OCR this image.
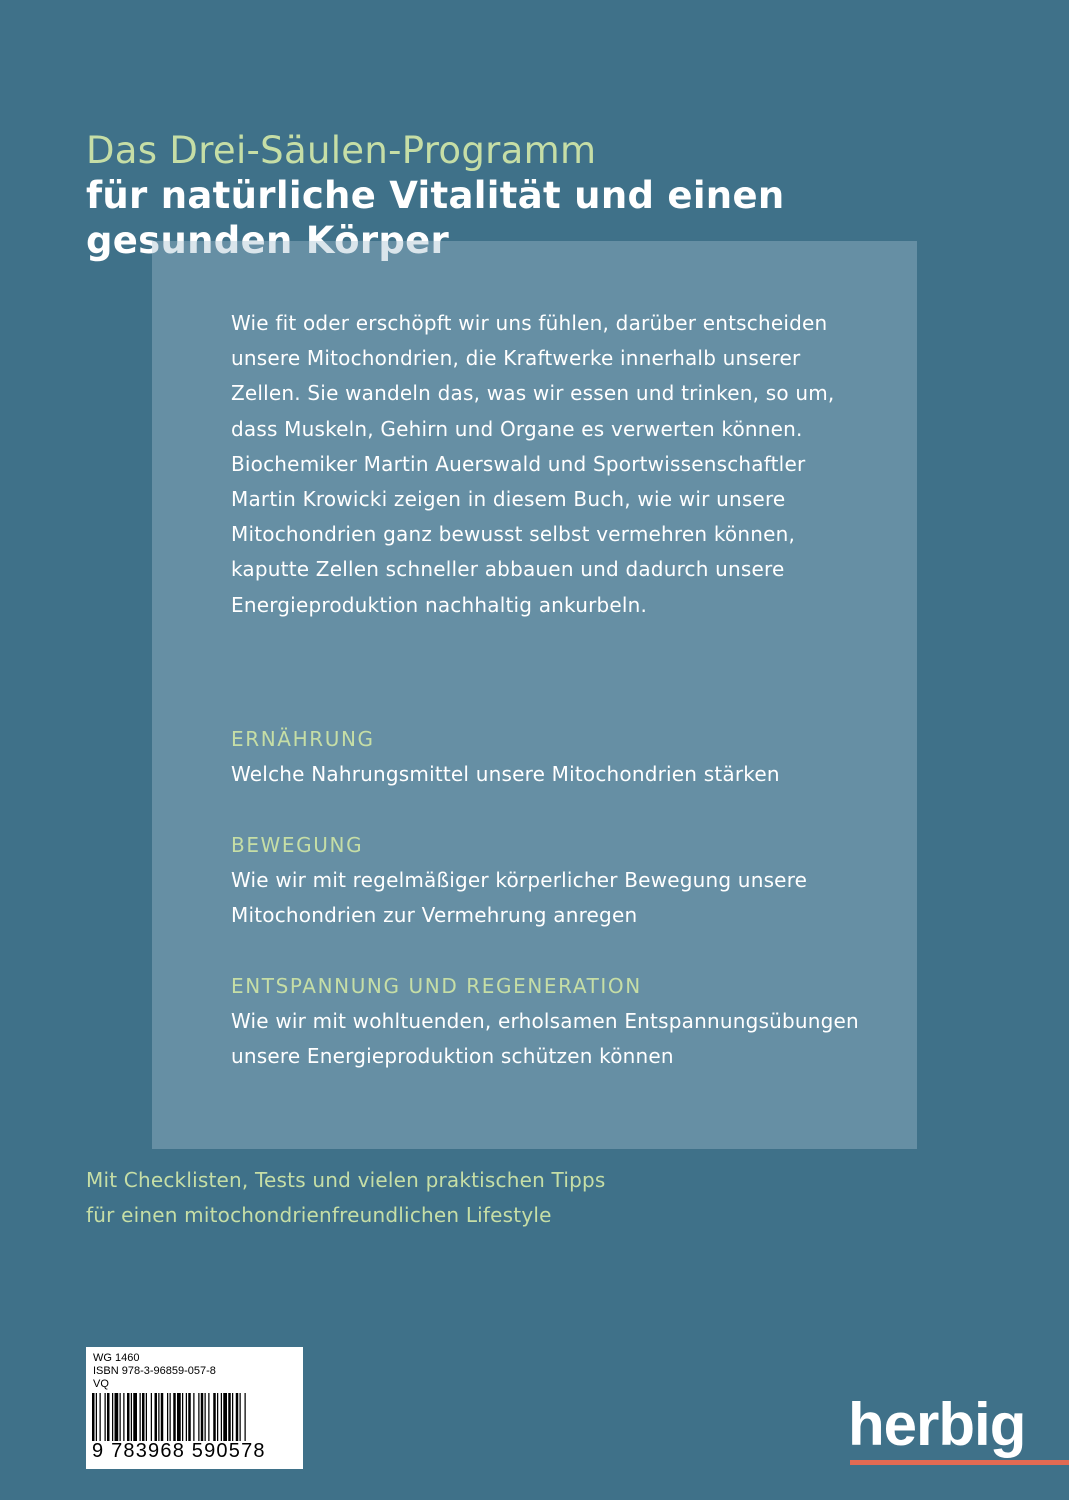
Das Drei-Säulen-Programm
für natürliche Vitalität und einen
gesunden Körper

Wie fit oder erschöpft wir uns fühlen, darüber entscheiden unsere Mitochondrien, die Kraftwerke innerhalb unserer Zellen. Sie wandeln das, was wir essen und trinken, so um, dass Muskeln, Gehirn und Organe es verwerten können.

Biochemiker Martin Auerswald und Sportwissenschaftler Martin Krowicki zeigen in diesem Buch, wie wir unsere Mitochondrien ganz bewusst selbst vermehren können, kaputte Zellen schneller abbauen und dadurch unsere Energieproduktion nachhaltig ankurbeln.

ERNÄHRUNG
Welche Nahrungsmittel unsere Mitochondrien stärken
BEWEGUNG
Wie wir mit regelmäßiger körperlicher Bewegung unsere Mitochondrien zur Vermehrung anregen
ENTSPANNUNG UND REGENERATION
Wie wir mit wohltuenden, erholsamen Entspannungsübungen unsere Energieproduktion schützen können
Mit Checklisten, Tests und vielen praktischen Tipps
für einen mitochondrienfreundlichen Lifestyle
WG 1460
ISBN 978-3-96859-057-8
VQ
9 783968 590578	herbig
